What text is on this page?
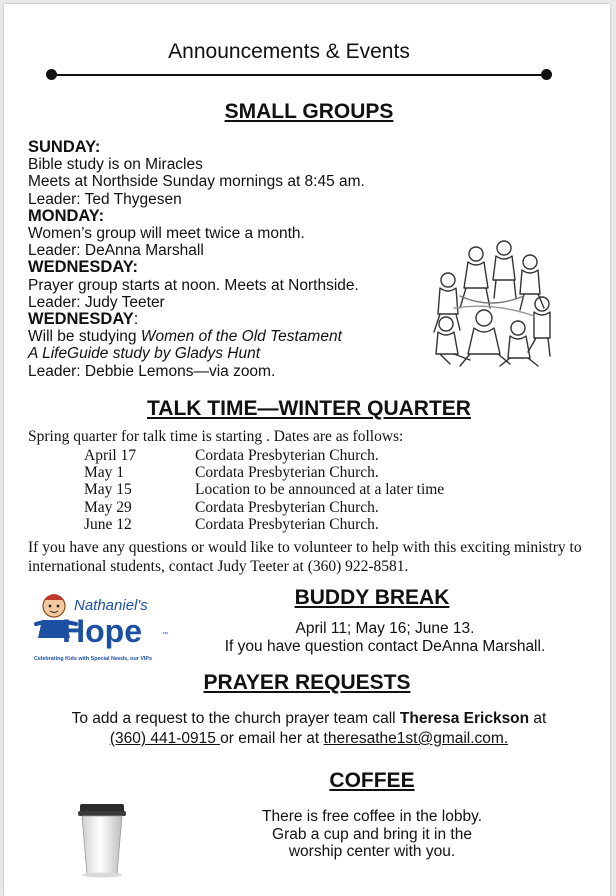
Announcements & Events
SMALL GROUPS
SUNDAY:
Bible study is on Miracles
Meets at Northside Sunday mornings at 8:45 am.
Leader: Ted Thygesen
MONDAY:
Women’s group will meet twice a month.
Leader: DeAnna Marshall
WEDNESDAY:
Prayer group starts at noon. Meets at Northside.
Leader: Judy Teeter
WEDNESDAY:
Will be studying Women of the Old Testament
A LifeGuide study by Gladys Hunt
Leader: Debbie Lemons—via zoom.
TALK TIME—WINTER QUARTER
Spring quarter for talk time is starting . Dates are as follows:
April 17	Cordata Presbyterian Church.
May 1	Cordata Presbyterian Church.
May 15	Location to be announced at a later time
May 29	Cordata Presbyterian Church.
June 12	Cordata Presbyterian Church.
If you have any questions or would like to volunteer to help with this exciting ministry to international students, contact Judy Teeter at (360) 922-8581.
Nathaniel's
Hope	™
Celebrating Kids with Special Needs, our VIPs
BUDDY BREAK
April 11; May 16; June 13.
If you have question contact DeAnna Marshall.
PRAYER REQUESTS
To add a request to the church prayer team call Theresa Erickson at
(360) 441-0915 or email her at theresathe1st@gmail.com.
COFFEE
There is free coffee in the lobby.
Grab a cup and bring it in the
worship center with you.
